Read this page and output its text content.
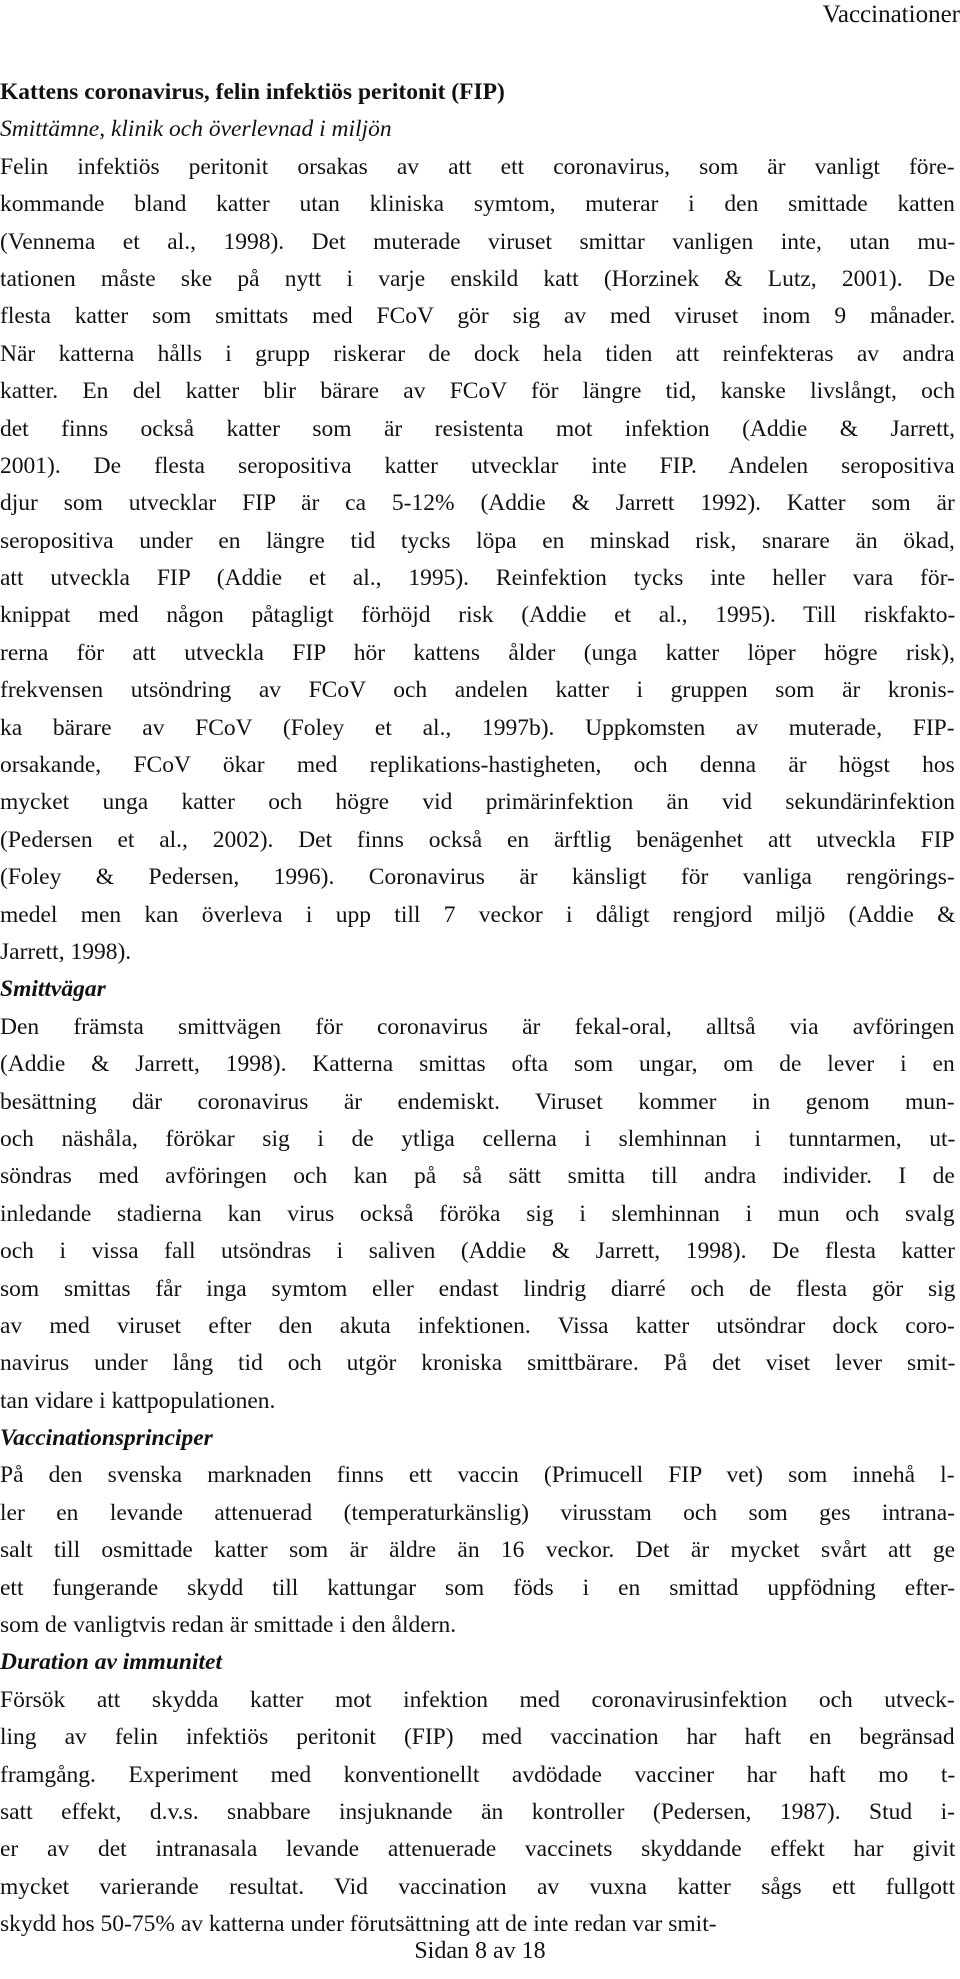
Vaccinationer
Kattens coronavirus, felin infektiös peritonit (FIP)
Smittämne, klinik och överlevnad i miljön
Felin infektiös peritonit orsakas av att ett coronavirus, som är vanligt före-
kommande bland katter utan kliniska symtom, muterar i den smittade katten
(Vennema et al., 1998). Det muterade viruset smittar vanligen inte, utan mu-
tationen måste ske på nytt i varje enskild katt (Horzinek & Lutz, 2001). De
flesta katter som smittats med FCoV gör sig av med viruset inom 9 månader.
När katterna hålls i grupp riskerar de dock hela tiden att reinfekteras av andra
katter. En del katter blir bärare av FCoV för längre tid, kanske livslångt, och
det finns också katter som är resistenta mot infektion (Addie & Jarrett,
2001). De flesta seropositiva katter utvecklar inte FIP. Andelen seropositiva
djur som utvecklar FIP är ca 5-12% (Addie & Jarrett 1992). Katter som är
seropositiva under en längre tid tycks löpa en minskad risk, snarare än ökad,
att utveckla FIP (Addie et al., 1995). Reinfektion tycks inte heller vara för-
knippat med någon påtagligt förhöjd risk (Addie et al., 1995). Till riskfakto-
rerna för att utveckla FIP hör kattens ålder (unga katter löper högre risk),
frekvensen utsöndring av FCoV och andelen katter i gruppen som är kronis-
ka bärare av FCoV (Foley et al., 1997b). Uppkomsten av muterade, FIP-
orsakande, FCoV ökar med replikations-hastigheten, och denna är högst hos
mycket unga katter och högre vid primärinfektion än vid sekundärinfektion
(Pedersen et al., 2002). Det finns också en ärftlig benägenhet att utveckla FIP
(Foley & Pedersen, 1996). Coronavirus är känsligt för vanliga rengörings-
medel men kan överleva i upp till 7 veckor i dåligt rengjord miljö (Addie &
Jarrett, 1998).
Smittvägar
Den främsta smittvägen för coronavirus är fekal-oral, alltså via avföringen
(Addie & Jarrett, 1998). Katterna smittas ofta som ungar, om de lever i en
besättning där coronavirus är endemiskt. Viruset kommer in genom mun-
och näshåla, förökar sig i de ytliga cellerna i slemhinnan i tunntarmen, ut-
söndras med avföringen och kan på så sätt smitta till andra individer. I de
inledande stadierna kan virus också föröka sig i slemhinnan i mun och svalg
och i vissa fall utsöndras i saliven (Addie & Jarrett, 1998). De flesta katter
som smittas får inga symtom eller endast lindrig diarré och de flesta gör sig
av med viruset efter den akuta infektionen. Vissa katter utsöndrar dock coro-
navirus under lång tid och utgör kroniska smittbärare. På det viset lever smit-
tan vidare i kattpopulationen.
Vaccinationsprinciper
På den svenska marknaden finns ett vaccin (Primucell FIP vet) som innehå l-
ler en levande attenuerad (temperaturkänslig) virusstam och som ges intrana-
salt till osmittade katter som är äldre än 16 veckor. Det är mycket svårt att ge
ett fungerande skydd till kattungar som föds i en smittad uppfödning efter-
som de vanligtvis redan är smittade i den åldern.
Duration av immunitet
Försök att skydda katter mot infektion med coronavirusinfektion och utveck-
ling av felin infektiös peritonit (FIP) med vaccination har haft en begränsad
framgång. Experiment med konventionellt avdödade vacciner har haft mo t-
satt effekt, d.v.s. snabbare insjuknande än kontroller (Pedersen, 1987). Stud i-
er av det intranasala levande attenuerade vaccinets skyddande effekt har givit
mycket varierande resultat. Vid vaccination av vuxna katter sågs ett fullgott
skydd hos 50-75% av katterna under förutsättning att de inte redan var smit-
Sidan 8 av 18
